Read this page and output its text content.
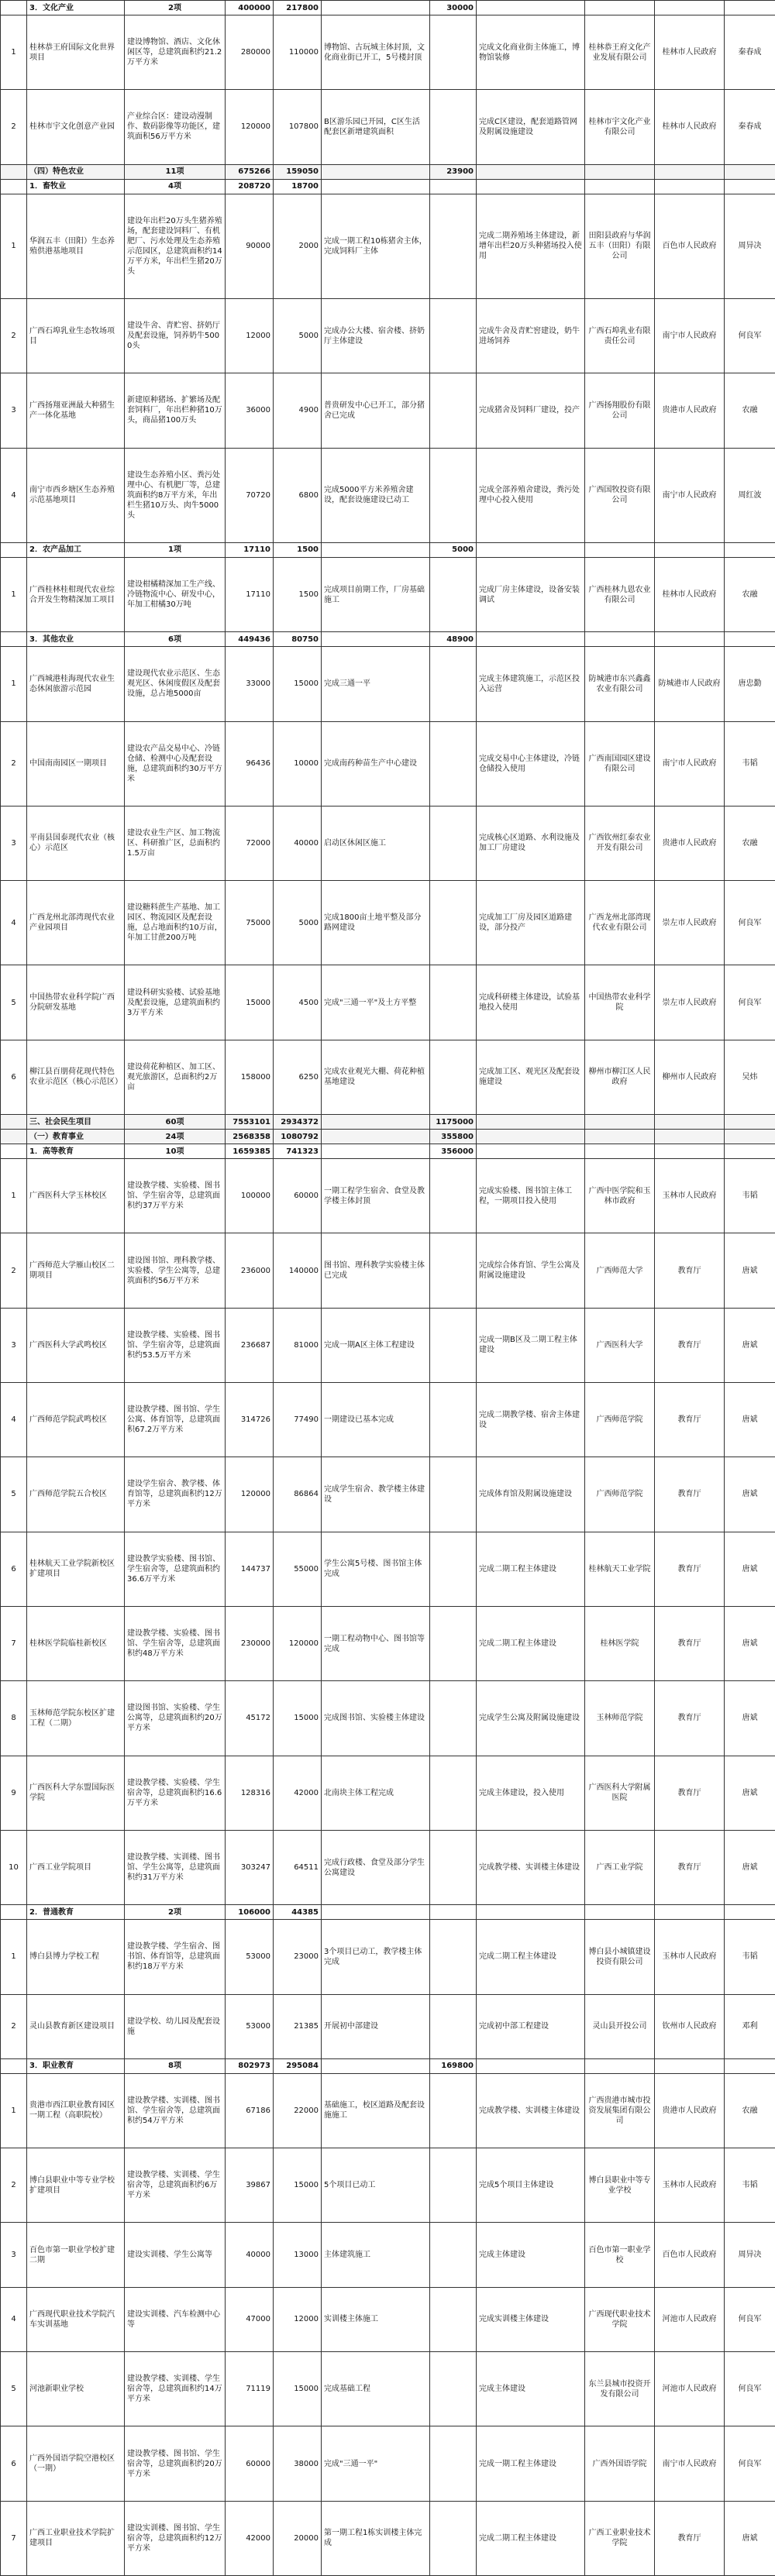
	3．文化产业	2项	400000	217800		30000				
1	桂林恭王府国际文化世界项目	建设博物馆、酒店、文化休闲区等，总建筑面积约21.2万平方米	280000	110000	博物馆、古玩城主体封顶，文化商业街已开工，5号楼封顶		完成文化商业街主体施工，博物馆装修	桂林恭王府文化产业发展有限公司	桂林市人民政府	秦春成
2	桂林市宇文化创意产业园	产业综合区：建设动漫制作、数码影像等功能区，建筑面积56万平方米	120000	107800	B区游乐园已开园，C区生活配套区新增建筑面积		完成C区建设，配套道路管网及附属设施建设	桂林市宇文化产业有限公司	桂林市人民政府	秦春成
	（四）特色农业	11项	675266	159050		23900				
	1．畜牧业	4项	208720	18700						
1	华润五丰（田阳）生态养殖供港基地项目	建设年出栏20万头生猪养殖场，配套建设饲料厂、有机肥厂、污水处理及生态养殖示范园区，总建筑面积约14万平方米，年出栏生猪20万头	90000	2000	完成一期工程10栋猪舍主体，完成饲料厂主体		完成二期养殖场主体建设，新增年出栏20万头种猪场投入使用	田阳县政府与华润五丰（田阳）有限公司	百色市人民政府	周异决
2	广西石埠乳业生态牧场项目	建设牛舍、青贮窖、挤奶厅及配套设施，饲养奶牛5000头	12000	5000	完成办公大楼、宿舍楼、挤奶厅主体建设		完成牛舍及青贮窖建设，奶牛进场饲养	广西石埠乳业有限责任公司	南宁市人民政府	何良军
3	广西扬翔亚洲最大种猪生产一体化基地	新建原种猪场、扩繁场及配套饲料厂，年出栏种猪10万头，商品猪100万头	36000	4900	普贵研发中心已开工，部分猪舍已完成		完成猪舍及饲料厂建设，投产	广西扬翔股份有限公司	贵港市人民政府	农融
4	南宁市西乡塘区生态养殖示范基地项目	建设生态养殖小区、粪污处理中心、有机肥厂等，总建筑面积约8万平方米，年出栏生猪10万头、肉牛5000头	70720	6800	完成5000平方米养殖舍建设，配套设施建设已动工		完成全部养殖舍建设，粪污处理中心投入使用	广西国牧投资有限公司	南宁市人民政府	周红波
	2．农产品加工	1项	17110	1500		5000				
1	广西桂林桂柑现代农业综合开发生物精深加工项目	建设柑橘精深加工生产线、冷链物流中心、研发中心，年加工柑橘30万吨	17110	1500	完成项目前期工作，厂房基础施工		完成厂房主体建设，设备安装调试	广西桂林九恩农业有限公司	桂林市人民政府	农融
	3．其他农业	6项	449436	80750		48900				
1	广西城港桂海现代农业生态休闲旅游示范园	建设现代农业示范区、生态观光区、休闲度假区及配套设施，总占地5000亩	33000	15000	完成三通一平		完成主体建筑施工，示范区投入运营	防城港市东兴鑫鑫农业有限公司	防城港市人民政府	唐忠勤
2	中国南南园区一期项目	建设农产品交易中心、冷链仓储、检测中心及配套设施，总建筑面积约30万平方米	96436	10000	完成南药种苗生产中心建设		完成交易中心主体建设，冷链仓储投入使用	广西南国园区建设有限公司	南宁市人民政府	韦韬
3	平南县国泰现代农业（核心）示范区	建设农业生产区、加工物流区、科研推广区，总面积约1.5万亩	72000	40000	启动区休闲区施工		完成核心区道路、水利设施及加工厂房建设	广西钦州红泰农业开发有限公司	贵港市人民政府	农融
4	广西龙州北部湾现代农业产业园项目	建设糖料蔗生产基地、加工园区、物流园区及配套设施，总占地面积约10万亩，年加工甘蔗200万吨	75000	5000	完成1800亩土地平整及部分路网建设		完成加工厂房及园区道路建设，部分投产	广西龙州北部湾现代农业有限公司	崇左市人民政府	何良军
5	中国热带农业科学院广西分院研发基地	建设科研实验楼、试验基地及配套设施，总建筑面积约3万平方米	15000	4500	完成"三通一平"及土方平整		完成科研楼主体建设，试验基地投入使用	中国热带农业科学院	崇左市人民政府	何良军
6	柳江县百朋荷花现代特色农业示范区（核心示范区）	建设荷花种植区、加工区、观光旅游区，总面积约2万亩	158000	6250	完成农业观光大棚、荷花种植基地建设		完成加工区、观光区及配套设施建设	柳州市柳江区人民政府	柳州市人民政府	吴炜
	三、社会民生项目	60项	7553101	2934372		1175000				
	（一）教育事业	24项	2568358	1080792		355800				
	1．高等教育	10项	1659385	741323		356000				
1	广西医科大学玉林校区	建设教学楼、实验楼、图书馆、学生宿舍等，总建筑面积约37万平方米	100000	60000	一期工程学生宿舍、食堂及教学楼主体封顶		完成实验楼、图书馆主体工程，一期项目投入使用	广西中医学院和玉林市政府	玉林市人民政府	韦韬
2	广西师范大学雁山校区二期项目	建设图书馆、理科教学楼、实验楼、学生公寓等，总建筑面积约56万平方米	236000	140000	图书馆、理科教学实验楼主体已完成		完成综合体育馆、学生公寓及附属设施建设	广西师范大学	教育厅	唐斌
3	广西医科大学武鸣校区	建设教学楼、实验楼、图书馆、学生宿舍等，总建筑面积约53.5万平方米	236687	81000	完成一期A区主体工程建设		完成一期B区及二期工程主体建设	广西医科大学	教育厅	唐斌
4	广西师范学院武鸣校区	建设教学楼、图书馆、学生公寓、体育馆等，总建筑面积67.2万平方米	314726	77490	一期建设已基本完成		完成二期教学楼、宿舍主体建设	广西师范学院	教育厅	唐斌
5	广西师范学院五合校区	建设学生宿舍、教学楼、体育馆等，总建筑面积约12万平方米	120000	86864	完成学生宿舍、教学楼主体建设		完成体育馆及附属设施建设	广西师范学院	教育厅	唐斌
6	桂林航天工业学院新校区扩建项目	建设教学实验楼、图书馆、学生宿舍等，总建筑面积约36.6万平方米	144737	55000	学生公寓5号楼、图书馆主体完成		完成二期工程主体建设	桂林航天工业学院	教育厅	唐斌
7	桂林医学院临桂新校区	建设教学楼、实验楼、图书馆、学生宿舍等，总建筑面积约48万平方米	230000	120000	一期工程动物中心、图书馆等完成		完成二期工程主体建设	桂林医学院	教育厅	唐斌
8	玉林师范学院东校区扩建工程（二期）	建设图书馆、实验楼、学生公寓等，总建筑面积约20万平方米	45172	15000	完成图书馆、实验楼主体建设		完成学生公寓及附属设施建设	玉林师范学院	教育厅	唐斌
9	广西医科大学东盟国际医学院	建设教学楼、实验楼、学生宿舍等，总建筑面积约16.6万平方米	128316	42000	北南块主体工程完成		完成主体建设，投入使用	广西医科大学附属医院	教育厅	唐斌
10	广西工业学院项目	建设教学楼、实训楼、图书馆、学生公寓等，总建筑面积约31万平方米	303247	64511	完成行政楼、食堂及部分学生公寓建设		完成教学楼、实训楼主体建设	广西工业学院	教育厅	唐斌
	2．普通教育	2项	106000	44385						
1	博白县博力学校工程	建设教学楼、学生宿舍、图书馆、体育馆等，总建筑面积约18万平方米	53000	23000	3个项目已动工，教学楼主体完成		完成二期工程主体建设	博白县小城镇建设投资有限公司	玉林市人民政府	韦韬
2	灵山县教育新区建设项目	建设学校、幼儿园及配套设施	53000	21385	开展初中部建设		完成初中部工程建设	灵山县开投公司	钦州市人民政府	邓利
	3．职业教育	8项	802973	295084		169800				
1	贵港市西江职业教育园区一期工程（高职院校）	建设教学楼、实训楼、图书馆、学生宿舍等，总建筑面积约54万平方米	67186	22000	基础施工，校区道路及配套设施施工		完成教学楼、实训楼主体建设	广西贵港市城市投资发展集团有限公司	贵港市人民政府	农融
2	博白县职业中等专业学校扩建项目	建设教学楼、实训楼、学生宿舍等，总建筑面积约6万平方米	39867	15000	5个项目已动工		完成5个项目主体建设	博白县职业中等专业学校	玉林市人民政府	韦韬
3	百色市第一职业学校扩建二期	建设实训楼、学生公寓等	40000	13000	主体建筑施工		完成主体建设	百色市第一职业学校	百色市人民政府	周异决
4	广西现代职业技术学院汽车实训基地	建设实训楼、汽车检测中心等	47000	12000	实训楼主体施工		完成实训楼主体建设	广西现代职业技术学院	河池市人民政府	何良军
5	河池新职业学校	建设教学楼、实训楼、学生宿舍等，总建筑面积约14万平方米	71119	15000	完成基础工程		完成主体建设	东兰县城市投资开发有限公司	河池市人民政府	何良军
6	广西外国语学院空港校区（一期）	建设教学楼、图书馆、学生宿舍等，总建筑面积约20万平方米	60000	38000	完成"三通一平"		完成一期工程主体建设	广西外国语学院	南宁市人民政府	何良军
7	广西工业职业技术学院扩建项目	建设实训楼、图书馆、学生宿舍等，总建筑面积约12万平方米	42000	20000	第一期工程1栋实训楼主体完成		完成二期工程主体建设	广西工业职业技术学院	教育厅	唐斌
